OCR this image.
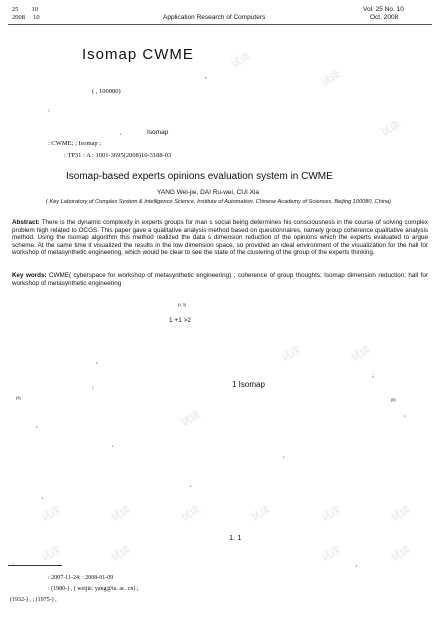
25 10
2008 10	Application Research of Computers
Vol. 25 No. 10
Oct. 2008
Isomap CWME
,
( , 100080)
:
,	Isomap
: CWME; ; Isomap ;
: TP31 : A : 1001-3695(2008)10-3188-03
Isomap-based experts opinions evaluation system in CWME
YANG Wei-jie, DAI Ru-wei, CUI Xia
( Key Laboratory of Complex System & Intelligence Science, Institute of Automation, Chinese Academy of Sciences, Beijing 100080, China)
Abstract: There is the dynamic complexity in experts groups for man s social being determines his consciousness in the course of solving complex problem high related to OCGS. This paper gave a qualitative analysis method based on questionnaires, namely group coherence qualitative analysis method. Using the Isomap algorithm this method realized the data s dimension reduction of the opinions which the experts evaluated to argue scheme. At the same time it visualized the results in the low dimension space, so provided an ideal environment of the visualization for the hall for workshop of metasynthetic engineering, which would be clear to see the state of the clustering of the group of the experts thinking.
Key words: CWME( cyberspace for workshop of metasynthetic engineering) ; coherence of group thoughts; Isomap dimension reduction; hall for workshop of metasynthetic engineering
[1 3]
1 +1 >2
1 Isomap
[4]	[5]
1. 1
,
:
;
,
,
,
,
,
,
,
:
试读
试读
试读
试读	试读
试读
试读	试读	试读	试读	试读	试读
试读	试读	试读	试读
: 2007-11-24; : 2008-01-09
: (1980-) , ( weijie. yang@ia. ac. cn) ;
(1932-) , ; (1975-) ,
